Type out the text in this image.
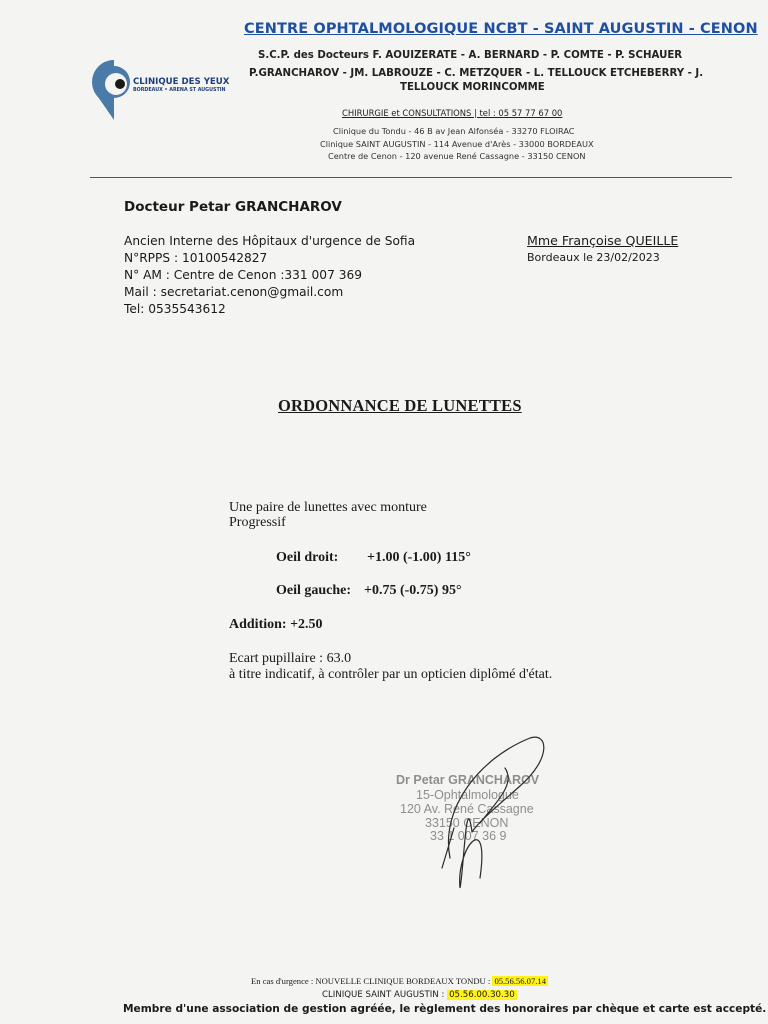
CENTRE OPHTALMOLOGIQUE NCBT - SAINT AUGUSTIN - CENON
S.C.P. des Docteurs F. AOUIZERATE - A. BERNARD - P. COMTE - P. SCHAUER
P.GRANCHAROV - JM. LABROUZE - C. METZQUER - L. TELLOUCK ETCHEBERRY - J.
TELLOUCK MORINCOMME
CHIRURGIE et CONSULTATIONS | tel : 05 57 77 67 00
Clinique du Tondu - 46 B av Jean Alfonséa - 33270 FLOIRAC
Clinique SAINT AUGUSTIN - 114 Avenue d'Arès - 33000 BORDEAUX
Centre de Cenon - 120 avenue René Cassagne - 33150 CENON
CLINIQUE DES YEUX
BORDEAUX • ARENA ST AUGUSTIN
Docteur Petar GRANCHAROV
Ancien Interne des Hôpitaux d'urgence de Sofia
N°RPPS : 10100542827
N° AM : Centre de Cenon :331 007 369
Mail : secretariat.cenon@gmail.com
Tel: 0535543612
Mme Françoise QUEILLE
Bordeaux le 23/02/2023
ORDONNANCE DE LUNETTES
Une paire de lunettes avec monture
Progressif
Oeil droit: +1.00 (-1.00) 115°
Oeil gauche: +0.75 (-0.75) 95°
Addition: +2.50
Ecart pupillaire : 63.0
à titre indicatif, à contrôler par un opticien diplômé d'état.
Dr Petar GRANCHAROV
15-Ophtalmologue
120 Av. René Cassagne
33150 CENON
33 1 007 36 9
En cas d'urgence : NOUVELLE CLINIQUE BORDEAUX TONDU : 05.56.56.07.14
CLINIQUE SAINT AUGUSTIN : 05.56.00.30.30
Membre d'une association de gestion agréée, le règlement des honoraires par chèque et carte est accepté.
